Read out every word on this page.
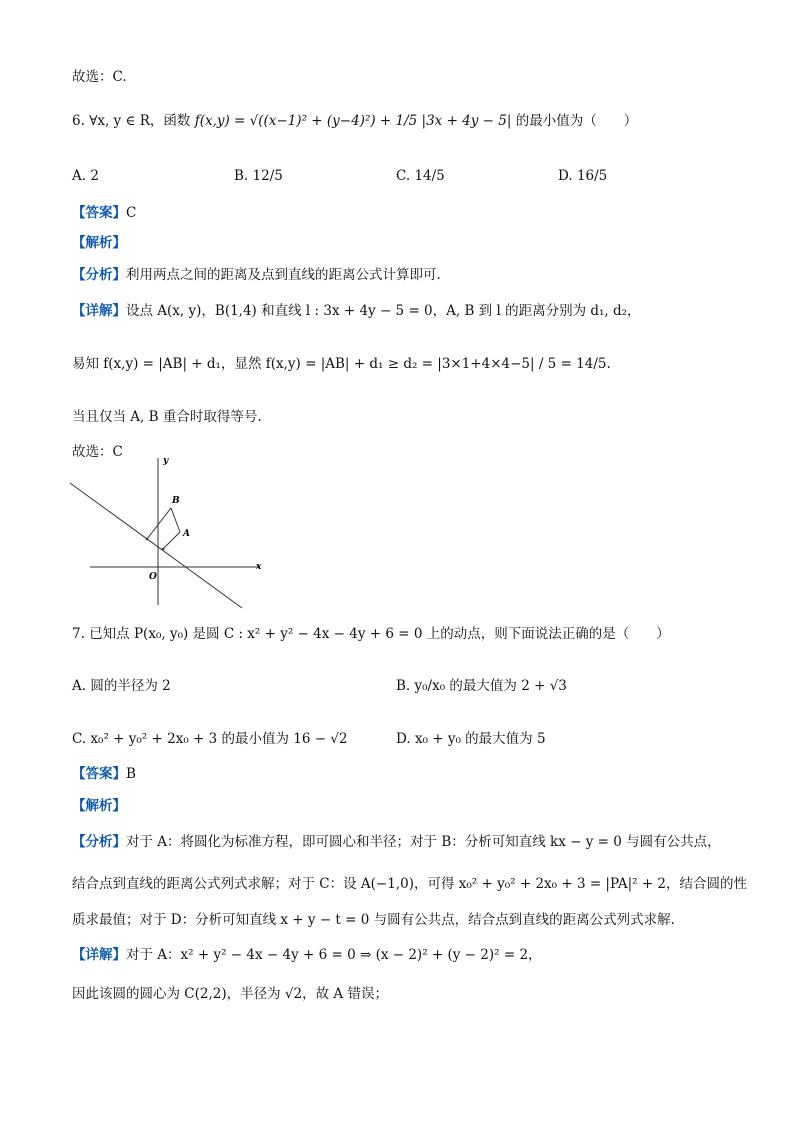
故选：C.
6. ∀x, y ∈ R，函数 f(x,y) = √((x−1)² + (y−4)²) + 1/5 |3x + 4y − 5| 的最小值为（　　）
A. 2	B. 12/5	C. 14/5	D. 16/5
【答案】C
【解析】
【分析】利用两点之间的距离及点到直线的距离公式计算即可.
【详解】设点 A(x, y)，B(1,4) 和直线 l : 3x + 4y − 5 = 0，A, B 到 l 的距离分别为 d₁, d₂，
易知 f(x,y) = |AB| + d₁，显然 f(x,y) = |AB| + d₁ ≥ d₂ = |3×1+4×4−5| / 5 = 14/5.
当且仅当 A, B 重合时取得等号.
故选：C
y
x
O
A
B
7. 已知点 P(x₀, y₀) 是圆 C : x² + y² − 4x − 4y + 6 = 0 上的动点，则下面说法正确的是（　　）
A. 圆的半径为 2	B. y₀/x₀ 的最大值为 2 + √3
C. x₀² + y₀² + 2x₀ + 3 的最小值为 16 − √2	D. x₀ + y₀ 的最大值为 5
【答案】B
【解析】
【分析】对于 A：将圆化为标准方程，即可圆心和半径；对于 B：分析可知直线 kx − y = 0 与圆有公共点，
结合点到直线的距离公式列式求解；对于 C：设 A(−1,0)，可得 x₀² + y₀² + 2x₀ + 3 = |PA|² + 2，结合圆的性
质求最值；对于 D：分析可知直线 x + y − t = 0 与圆有公共点，结合点到直线的距离公式列式求解.
【详解】对于 A：x² + y² − 4x − 4y + 6 = 0 ⇒ (x − 2)² + (y − 2)² = 2，
因此该圆的圆心为 C(2,2)，半径为 √2，故 A 错误；
